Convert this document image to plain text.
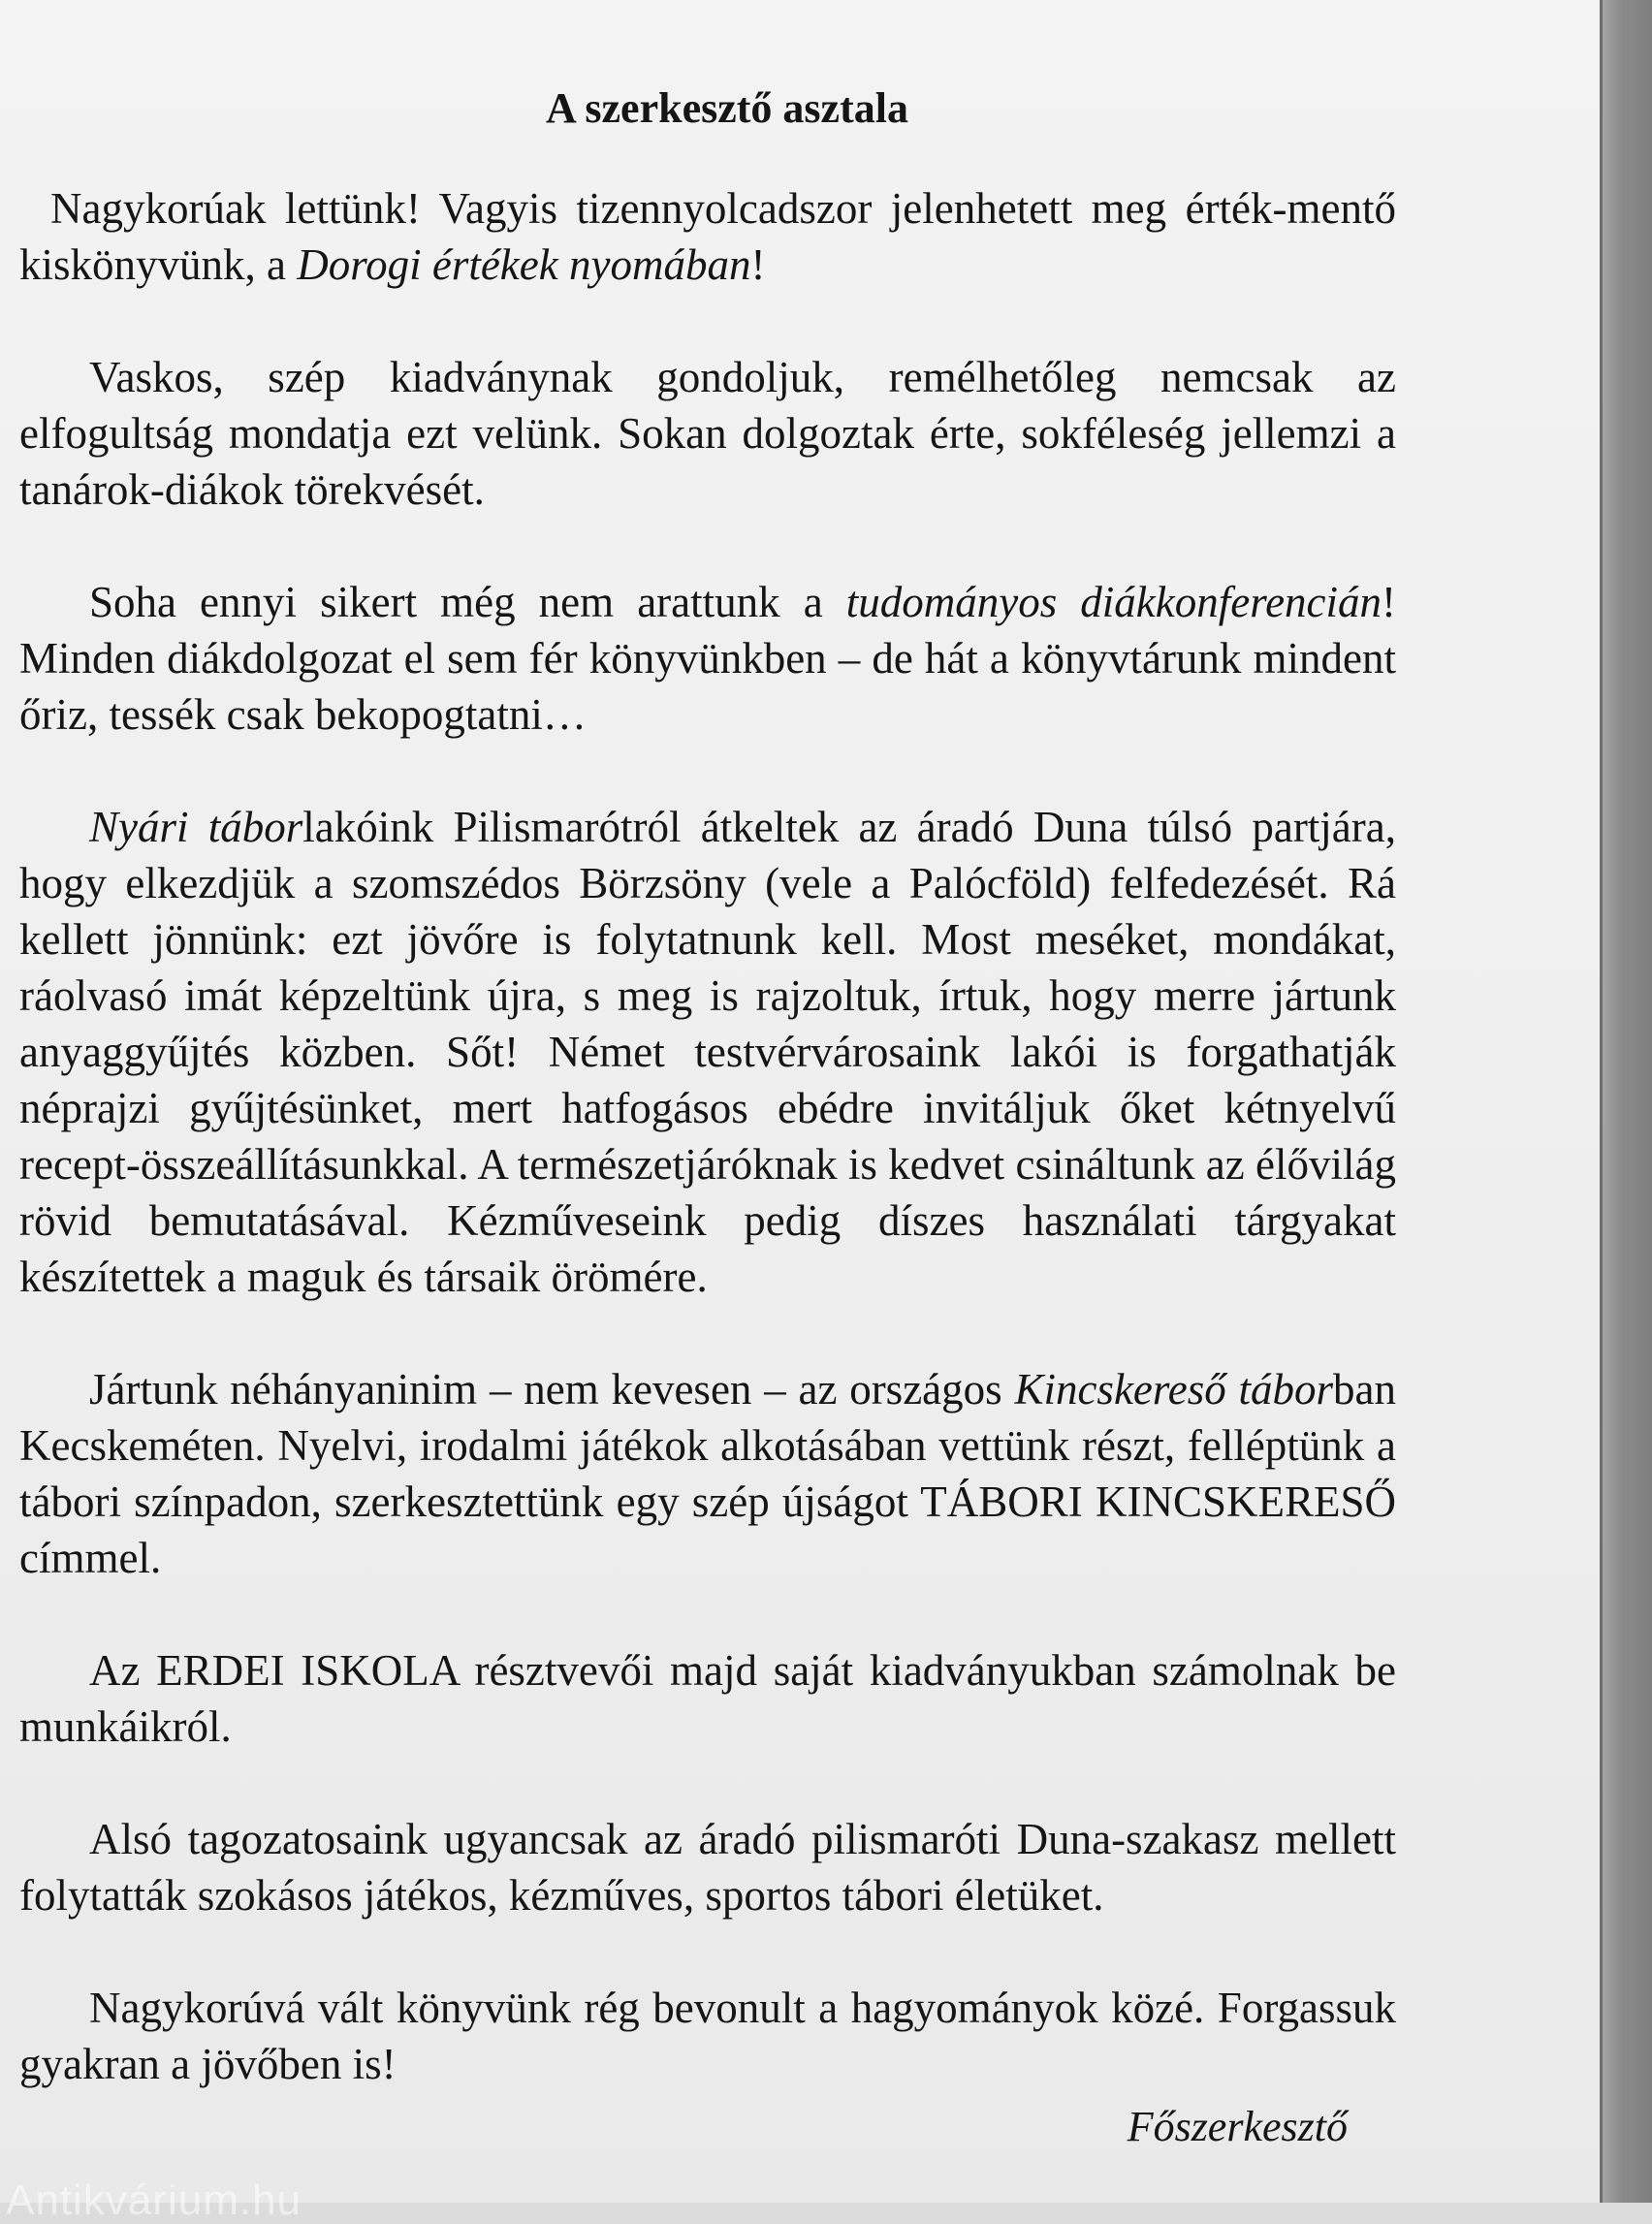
A szerkesztő asztala

Nagykorúak lettünk! Vagyis tizennyolcadszor jelenhetett meg érték-mentő kiskönyvünk, a Dorogi értékek nyomában!

Vaskos, szép kiadványnak gondoljuk, remélhetőleg nemcsak az elfogultság mondatja ezt velünk. Sokan dolgoztak érte, sokféleség jellemzi a tanárok-diákok törekvését.

Soha ennyi sikert még nem arattunk a tudományos diákkonferencián! Minden diákdolgozat el sem fér könyvünkben – de hát a könyvtárunk mindent őriz, tessék csak bekopogtatni…

Nyári táborlakóink Pilismarótról átkeltek az áradó Duna túlsó partjára, hogy elkezdjük a szomszédos Börzsöny (vele a Palócföld) felfedezését. Rá kellett jönnünk: ezt jövőre is folytatnunk kell. Most meséket, mondákat, ráolvasó imát képzeltünk újra, s meg is rajzoltuk, írtuk, hogy merre jártunk anyaggyűjtés közben. Sőt! Német testvérvárosaink lakói is forgathatják néprajzi gyűjtésünket, mert hatfogásos ebédre invitáljuk őket kétnyelvű recept-összeállításunkkal. A természetjáróknak is kedvet csináltunk az élővilág rövid bemutatásával. Kézműveseink pedig díszes használati tárgyakat készítettek a maguk és társaik örömére.

Jártunk néhányaninim – nem kevesen – az országos Kincskereső táborban Kecskeméten. Nyelvi, irodalmi játékok alkotásában vettünk részt, felléptünk a tábori színpadon, szerkesztettünk egy szép újságot TÁBORI KINCSKERESŐ címmel.

Az ERDEI ISKOLA résztvevői majd saját kiadványukban számolnak be munkáikról.

Alsó tagozatosaink ugyancsak az áradó pilismaróti Duna-szakasz mellett folytatták szokásos játékos, kézműves, sportos tábori életüket.

Nagykorúvá vált könyvünk rég bevonult a hagyományok közé. Forgassuk gyakran a jövőben is!

Főszerkesztő
Antikvárium.hu
